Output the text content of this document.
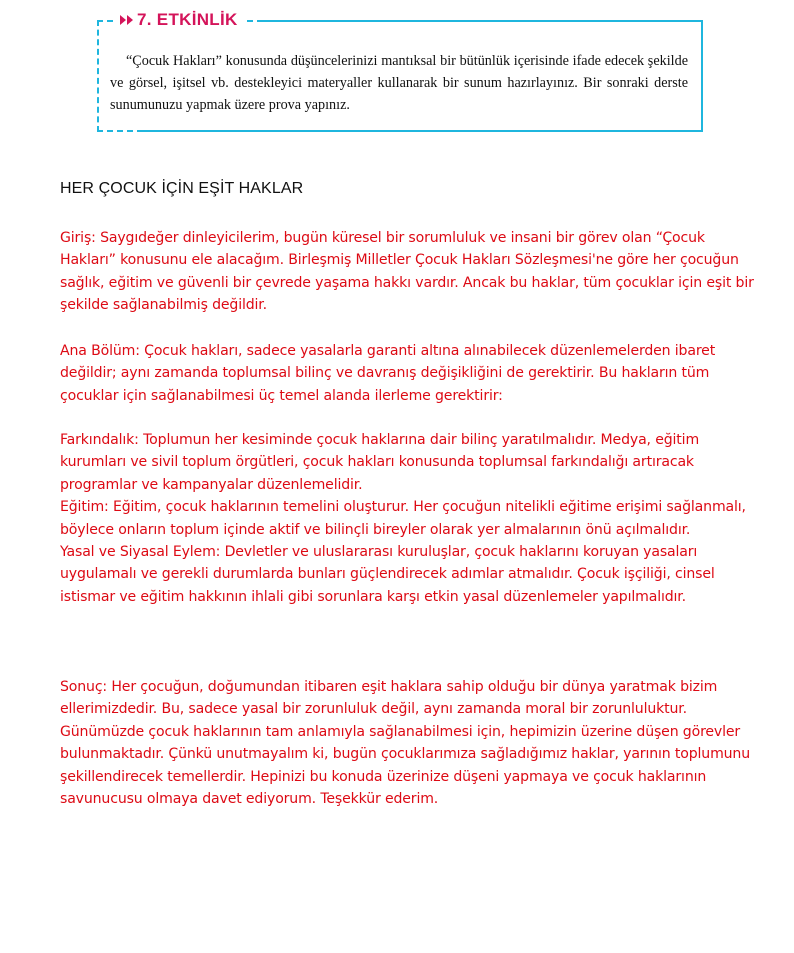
7. ETKİNLİK
“Çocuk Hakları” konusunda düşüncelerinizi mantıksal bir bütünlük içerisinde ifade edecek şekilde ve görsel, işitsel vb. destekleyici materyaller kullanarak bir sunum hazırlayınız. Bir sonraki derste sunumunuzu yapmak üzere prova yapınız.
HER ÇOCUK İÇİN EŞİT HAKLAR

Giriş: Saygıdeğer dinleyicilerim, bugün küresel bir sorumluluk ve insani bir görev olan “Çocuk Hakları” konusunu ele alacağım. Birleşmiş Milletler Çocuk Hakları Sözleşmesi'ne göre her çocuğun sağlık, eğitim ve güvenli bir çevrede yaşama hakkı vardır. Ancak bu haklar, tüm çocuklar için eşit bir şekilde sağlanabilmiş değildir.

Ana Bölüm: Çocuk hakları, sadece yasalarla garanti altına alınabilecek düzenlemelerden ibaret değildir; aynı zamanda toplumsal bilinç ve davranış değişikliğini de gerektirir. Bu hakların tüm çocuklar için sağlanabilmesi üç temel alanda ilerleme gerektirir:

Farkındalık: Toplumun her kesiminde çocuk haklarına dair bilinç yaratılmalıdır. Medya, eğitim kurumları ve sivil toplum örgütleri, çocuk hakları konusunda toplumsal farkındalığı artıracak programlar ve kampanyalar düzenlemelidir.

Eğitim: Eğitim, çocuk haklarının temelini oluşturur. Her çocuğun nitelikli eğitime erişimi sağlanmalı, böylece onların toplum içinde aktif ve bilinçli bireyler olarak yer almalarının önü açılmalıdır.

Yasal ve Siyasal Eylem: Devletler ve uluslararası kuruluşlar, çocuk haklarını koruyan yasaları uygulamalı ve gerekli durumlarda bunları güçlendirecek adımlar atmalıdır. Çocuk işçiliği, cinsel istismar ve eğitim hakkının ihlali gibi sorunlara karşı etkin yasal düzenlemeler yapılmalıdır.

Sonuç: Her çocuğun, doğumundan itibaren eşit haklara sahip olduğu bir dünya yaratmak bizim ellerimizdedir. Bu, sadece yasal bir zorunluluk değil, aynı zamanda moral bir zorunluluktur. Günümüzde çocuk haklarının tam anlamıyla sağlanabilmesi için, hepimizin üzerine düşen görevler bulunmaktadır. Çünkü unutmayalım ki, bugün çocuklarımıza sağladığımız haklar, yarının toplumunu şekillendirecek temellerdir. Hepinizi bu konuda üzerinize düşeni yapmaya ve çocuk haklarının savunucusu olmaya davet ediyorum. Teşekkür ederim.
